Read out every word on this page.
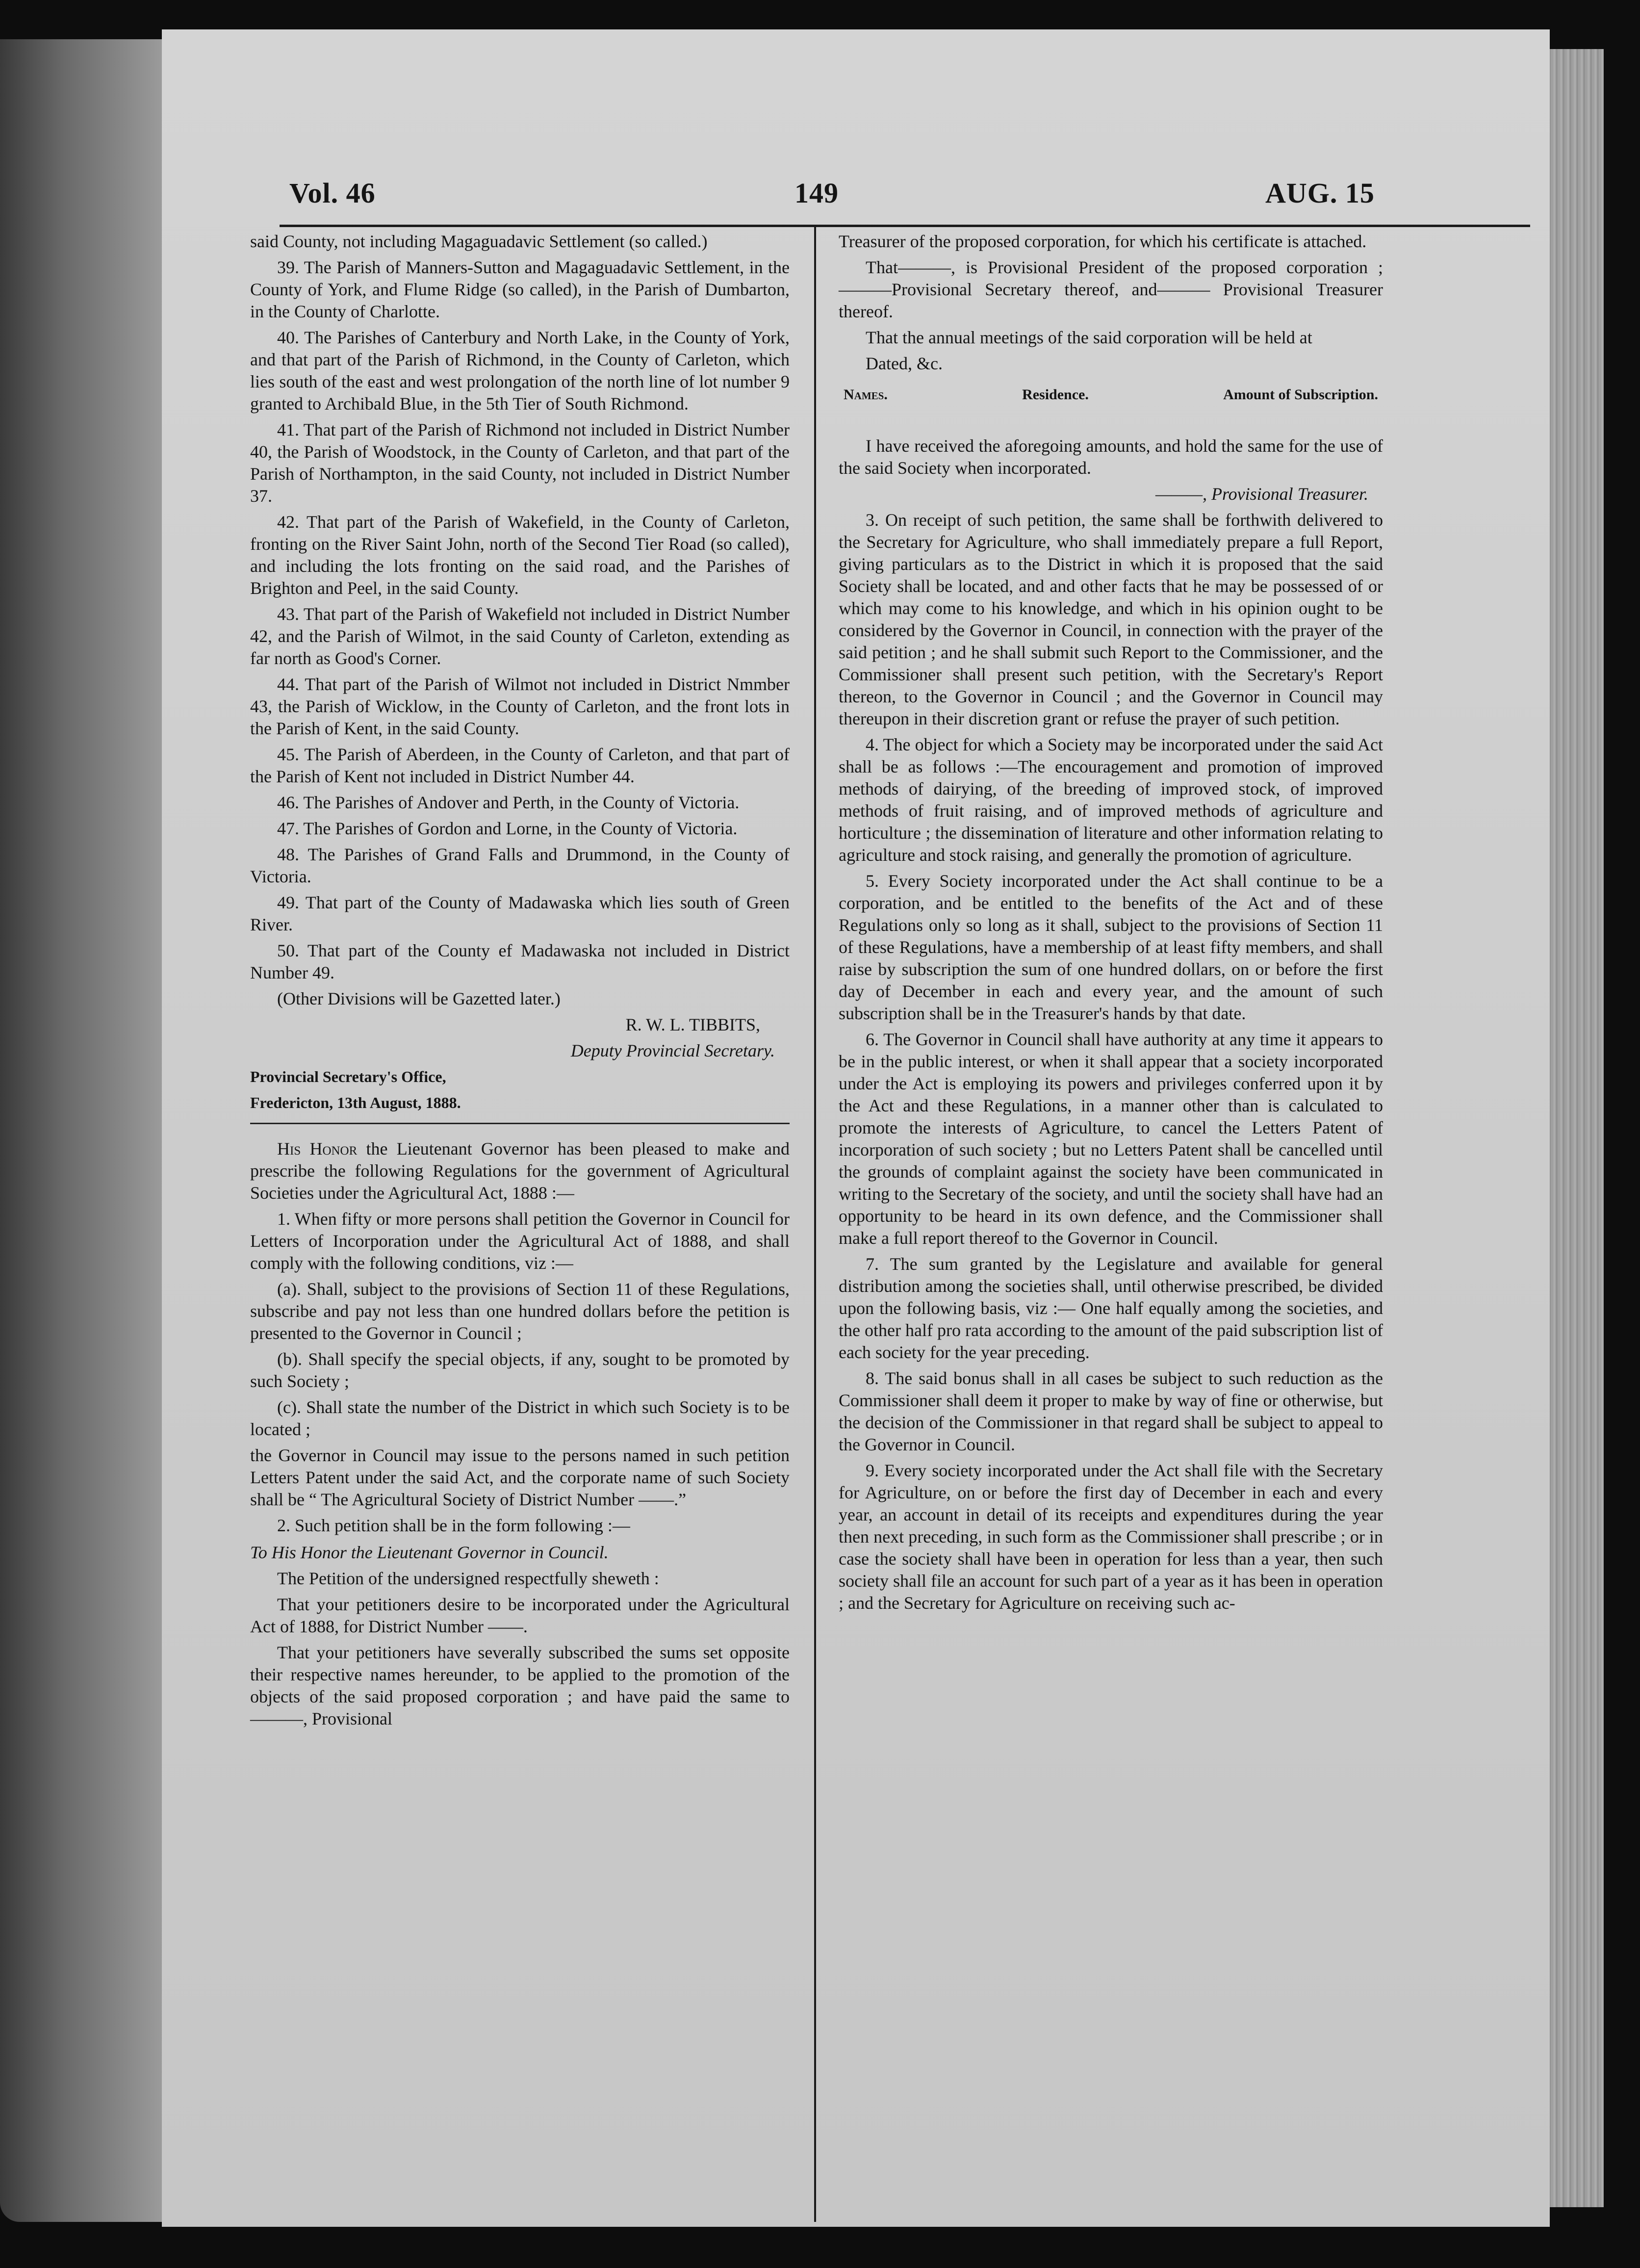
Vol. 46	149	AUG. 15

said County, not including Magaguadavic Settlement (so called.)

39. The Parish of Manners-Sutton and Magaguadavic Settlement, in the County of York, and Flume Ridge (so called), in the Parish of Dumbarton, in the County of Charlotte.

40. The Parishes of Canterbury and North Lake, in the County of York, and that part of the Parish of Richmond, in the County of Carleton, which lies south of the east and west prolongation of the north line of lot number 9 granted to Archibald Blue, in the 5th Tier of South Richmond.

41. That part of the Parish of Richmond not included in District Number 40, the Parish of Woodstock, in the County of Carleton, and that part of the Parish of Northampton, in the said County, not included in District Number 37.

42. That part of the Parish of Wakefield, in the County of Carleton, fronting on the River Saint John, north of the Second Tier Road (so called), and including the lots fronting on the said road, and the Parishes of Brighton and Peel, in the said County.

43. That part of the Parish of Wakefield not included in District Number 42, and the Parish of Wilmot, in the said County of Carleton, extending as far north as Good's Corner.

44. That part of the Parish of Wilmot not included in District Nmmber 43, the Parish of Wicklow, in the County of Carleton, and the front lots in the Parish of Kent, in the said County.

45. The Parish of Aberdeen, in the County of Carleton, and that part of the Parish of Kent not included in District Number 44.

46. The Parishes of Andover and Perth, in the County of Victoria.

47. The Parishes of Gordon and Lorne, in the County of Victoria.

48. The Parishes of Grand Falls and Drummond, in the County of Victoria.

49. That part of the County of Madawaska which lies south of Green River.

50. That part of the County ef Madawaska not included in District Number 49.

(Other Divisions will be Gazetted later.)

R. W. L. TIBBITS,

Deputy Provincial Secretary.

Provincial Secretary's Office,

Fredericton, 13th August, 1888.

His Honor the Lieutenant Governor has been pleased to make and prescribe the following Regulations for the government of Agricultural Societies under the Agricultural Act, 1888 :—

1. When fifty or more persons shall petition the Governor in Council for Letters of Incorporation under the Agricultural Act of 1888, and shall comply with the following conditions, viz :—

(a). Shall, subject to the provisions of Section 11 of these Regulations, subscribe and pay not less than one hundred dollars before the petition is presented to the Governor in Council ;

(b). Shall specify the special objects, if any, sought to be promoted by such Society ;

(c). Shall state the number of the District in which such Society is to be located ;

the Governor in Council may issue to the persons named in such petition Letters Patent under the said Act, and the corporate name of such Society shall be “ The Agricultural Society of District Number ——.”

2. Such petition shall be in the form following :—

To His Honor the Lieutenant Governor in Council.

The Petition of the undersigned respectfully sheweth :

That your petitioners desire to be incorporated under the Agricultural Act of 1888, for District Number ——.

That your petitioners have severally subscribed the sums set opposite their respective names hereunder, to be applied to the promotion of the objects of the said proposed corporation ; and have paid the same to ———, Provisional

Treasurer of the proposed corporation, for which his certificate is attached.

That———, is Provisional President of the proposed corporation ;———Provisional Secretary thereof, and——— Provisional Treasurer thereof.

That the annual meetings of the said corporation will be held at

Dated, &c.

Names.	Residence.	Amount of Subscription.

I have received the aforegoing amounts, and hold the same for the use of the said Society when incorporated.

———, Provisional Treasurer.

3. On receipt of such petition, the same shall be forthwith delivered to the Secretary for Agriculture, who shall immediately prepare a full Report, giving particulars as to the District in which it is proposed that the said Society shall be located, and and other facts that he may be possessed of or which may come to his knowledge, and which in his opinion ought to be considered by the Governor in Council, in connection with the prayer of the said petition ; and he shall submit such Report to the Commissioner, and the Commissioner shall present such petition, with the Secretary's Report thereon, to the Governor in Council ; and the Governor in Council may thereupon in their discretion grant or refuse the prayer of such petition.

4. The object for which a Society may be incorporated under the said Act shall be as follows :—The encouragement and promotion of improved methods of dairying, of the breeding of improved stock, of improved methods of fruit raising, and of improved methods of agriculture and horticulture ; the dissemination of literature and other information relating to agriculture and stock raising, and generally the promotion of agriculture.

5. Every Society incorporated under the Act shall continue to be a corporation, and be entitled to the benefits of the Act and of these Regulations only so long as it shall, subject to the provisions of Section 11 of these Regulations, have a membership of at least fifty members, and shall raise by subscription the sum of one hundred dollars, on or before the first day of December in each and every year, and the amount of such subscription shall be in the Treasurer's hands by that date.

6. The Governor in Council shall have authority at any time it appears to be in the public interest, or when it shall appear that a society incorporated under the Act is employing its powers and privileges conferred upon it by the Act and these Regulations, in a manner other than is calculated to promote the interests of Agriculture, to cancel the Letters Patent of incorporation of such society ; but no Letters Patent shall be cancelled until the grounds of complaint against the society have been communicated in writing to the Secretary of the society, and until the society shall have had an opportunity to be heard in its own defence, and the Commissioner shall make a full report thereof to the Governor in Council.

7. The sum granted by the Legislature and available for general distribution among the societies shall, until otherwise prescribed, be divided upon the following basis, viz :— One half equally among the societies, and the other half pro rata according to the amount of the paid subscription list of each society for the year preceding.

8. The said bonus shall in all cases be subject to such reduction as the Commissioner shall deem it proper to make by way of fine or otherwise, but the decision of the Commissioner in that regard shall be subject to appeal to the Governor in Council.

9. Every society incorporated under the Act shall file with the Secretary for Agriculture, on or before the first day of December in each and every year, an account in detail of its receipts and expenditures during the year then next preceding, in such form as the Commissioner shall prescribe ; or in case the society shall have been in operation for less than a year, then such society shall file an account for such part of a year as it has been in operation ; and the Secretary for Agriculture on receiving such ac-
